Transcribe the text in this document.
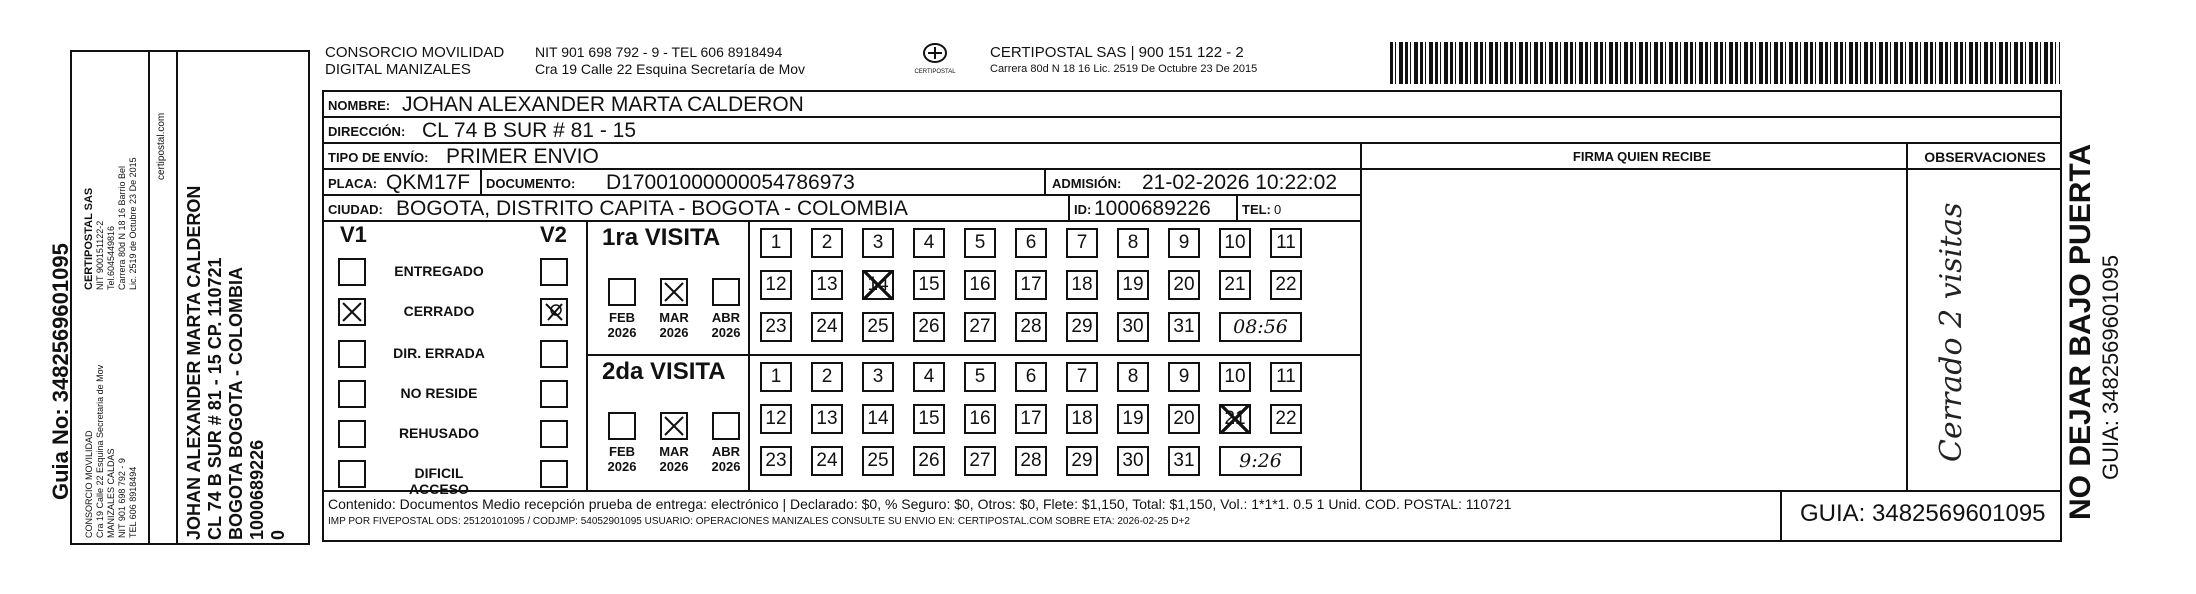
Guia No: 3482569601095 CONSORCIO MOVILIDAD Cra 19 Calle 22 Esquina Secretaria de Mov MANIZALES CALDAS NIT 901 698 792 - 9 TEL 606 8918494
CERTIPOSTAL SAS NIT 900151122-2 Tel.6045449816 Carrera 80d N 18 16 Barrio Bel Lic. 2519 de Octubre 23 De 2015
certipostal.com
JOHAN ALEXANDER MARTA CALDERON CL 74 B SUR # 81 - 15 CP. 110721 BOGOTA BOGOTA - COLOMBIA 1000689226 0
CONSORCIO MOVILIDAD
DIGITAL MANIZALES
NIT 901 698 792 - 9 - TEL 606 8918494
Cra 19 Calle 22 Esquina Secretaría de Mov	CERTIPOSTAL
CERTIPOSTAL SAS | 900 151 122 - 2
Carrera 80d N 18 16 Lic. 2519 De Octubre 23 De 2015
NOMBRE: JOHAN ALEXANDER MARTA CALDERON
DIRECCIÓN: CL 74 B SUR # 81 - 15
TIPO DE ENVÍO: PRIMER ENVIO	FIRMA QUIEN RECIBE	OBSERVACIONES
Cerrado 2 visitas
PLACA: QKM17F DOCUMENTO: D17001000000054786973	ADMISIÓN: 21-02-2026 10:22:02
CIUDAD: BOGOTA, DISTRITO CAPITA - BOGOTA - COLOMBIA	ID: 1000689226 TEL: 0
V1	V2
ENTREGADO
CERRADO
DIR. ERRADA
NO RESIDE
REHUSADO
DIFICIL ACCESO
1ra VISITA
FEB
2026
MAR
2026
ABR
2026
1	2	3	4	5	6	7	8	9	10	11
12 13 14 15 16 17 18 19 20 21 22
23 24 25 26 27 28 29 30 31	08:56
2da VISITA
FEB
2026
MAR
2026
ABR
2026
1	2	3	4	5	6	7	8	9	10	11
12 13 14 15 16 17 18 19 20 21 22
23 24 25 26 27 28 29 30 31	9:26
Contenido: Documentos Medio recepción prueba de entrega: electrónico | Declarado: $0, % Seguro: $0, Otros: $0, Flete: $1,150, Total: $1,150, Vol.: 1*1*1. 0.5 1 Unid. COD. POSTAL: 110721
IMP POR FIVEPOSTAL ODS: 25120101095 / CODJMP: 54052901095 USUARIO: OPERACIONES MANIZALES CONSULTE SU ENVIO EN: CERTIPOSTAL.COM SOBRE ETA: 2026-02-25 D+2	GUIA: 3482569601095 NO DEJAR BAJO PUERTA GUIA: 3482569601095
